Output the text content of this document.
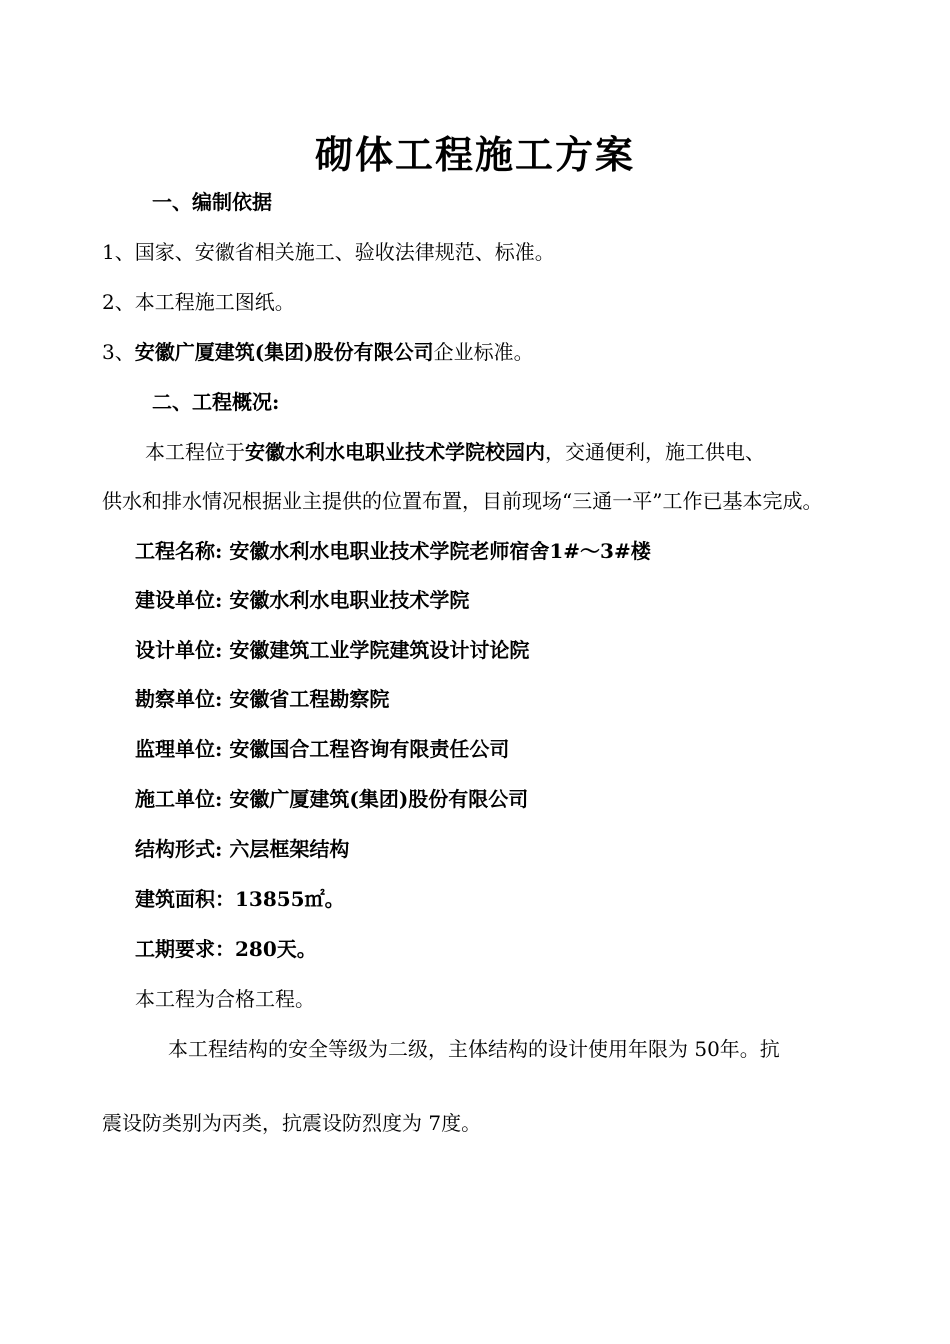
砌体工程施工方案
一、编制依据
1、国家、安徽省相关施工、验收法律规范、标准。
2、本工程施工图纸。
3、安徽广厦建筑(集团)股份有限公司企业标准。
二、工程概况:
本工程位于安徽水利水电职业技术学院校园内，交通便利，施工供电、
供水和排水情况根据业主提供的位置布置，目前现场“三通一平”工作已基本完成。
工程名称: 安徽水利水电职业技术学院老师宿舍1#～3#楼
建设单位: 安徽水利水电职业技术学院
设计单位: 安徽建筑工业学院建筑设计讨论院
勘察单位: 安徽省工程勘察院
监理单位: 安徽国合工程咨询有限责任公司
施工单位: 安徽广厦建筑(集团)股份有限公司
结构形式: 六层框架结构
建筑面积：13855㎡。
工期要求：280天。
本工程为合格工程。
本工程结构的安全等级为二级，主体结构的设计使用年限为 50年。抗
震设防类别为丙类，抗震设防烈度为 7度。
